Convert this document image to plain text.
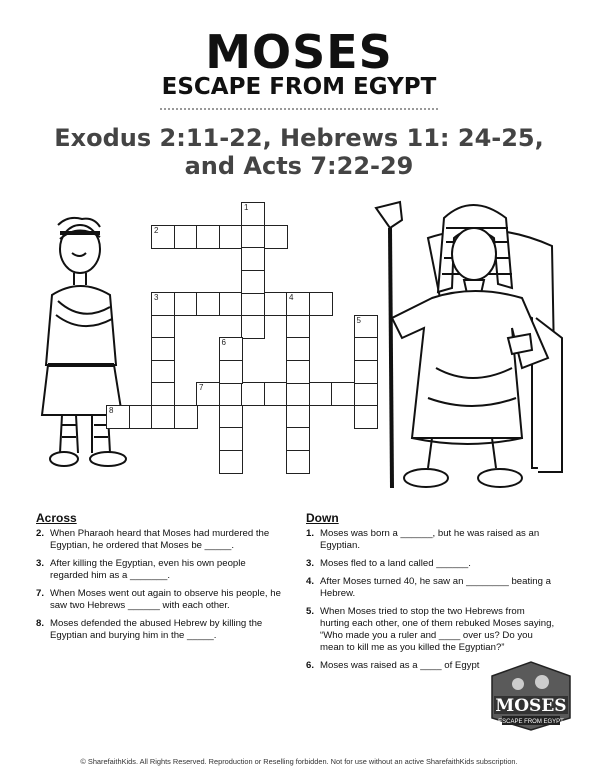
MOSES
ESCAPE FROM EGYPT
Exodus 2:11-22, Hebrews 11: 24-25,
and Acts 7:22-29
2
3	4
7
8
1
5
6
Across
2. When Pharaoh heard that Moses had murdered the Egyptian, he ordered that Moses be _____.
3. After killing the Egyptian, even his own people regarded him as a _______.
7. When Moses went out again to observe his people, he saw two Hebrews ______ with each other.
8. Moses defended the abused Hebrew by killing the Egyptian and burying him in the _____.
Down
1. Moses was born a ______, but he was raised as an Egyptian.
3. Moses fled to a land called ______.
4. After Moses turned 40, he saw an ________ beating a Hebrew.
5. When Moses tried to stop the two Hebrews from hurting each other, one of them rebuked Moses saying, “Who made you a ruler and ____ over us? Do you mean to kill me as you killed the Egyptian?”
6. Moses was raised as a ____ of Egypt
MOSES
ESCAPE FROM EGYPT
© SharefaithKids. All Rights Reserved. Reproduction or Reselling forbidden. Not for use without an active SharefaithKids subscription.
